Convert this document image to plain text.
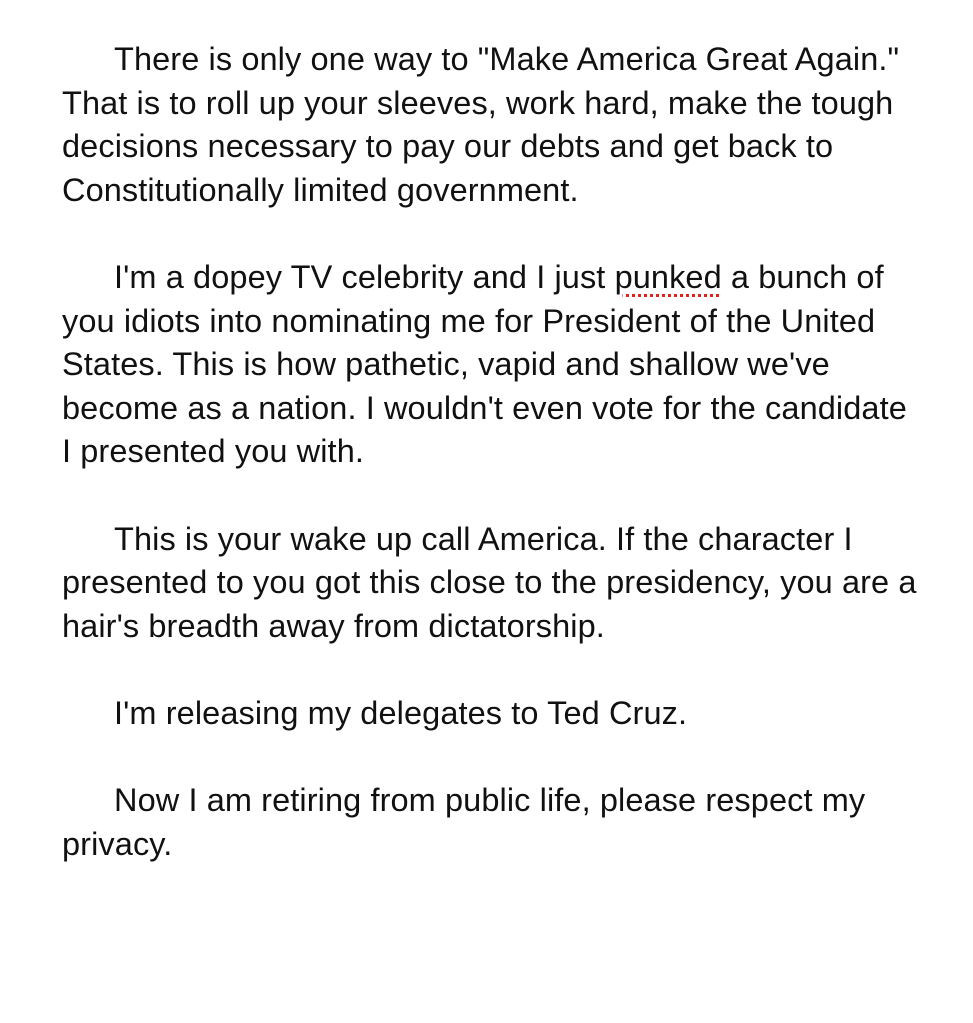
There is only one way to "Make America Great Again." That is to roll up your sleeves, work hard, make the tough decisions necessary to pay our debts and get back to Constitutionally limited government.

I'm a dopey TV celebrity and I just punked a bunch of you idiots into nominating me for President of the United States. This is how pathetic, vapid and shallow we've become as a nation. I wouldn't even vote for the candidate I presented you with.

This is your wake up call America. If the character I presented to you got this close to the presidency, you are a hair's breadth away from dictatorship.

I'm releasing my delegates to Ted Cruz.

Now I am retiring from public life, please respect my privacy.
